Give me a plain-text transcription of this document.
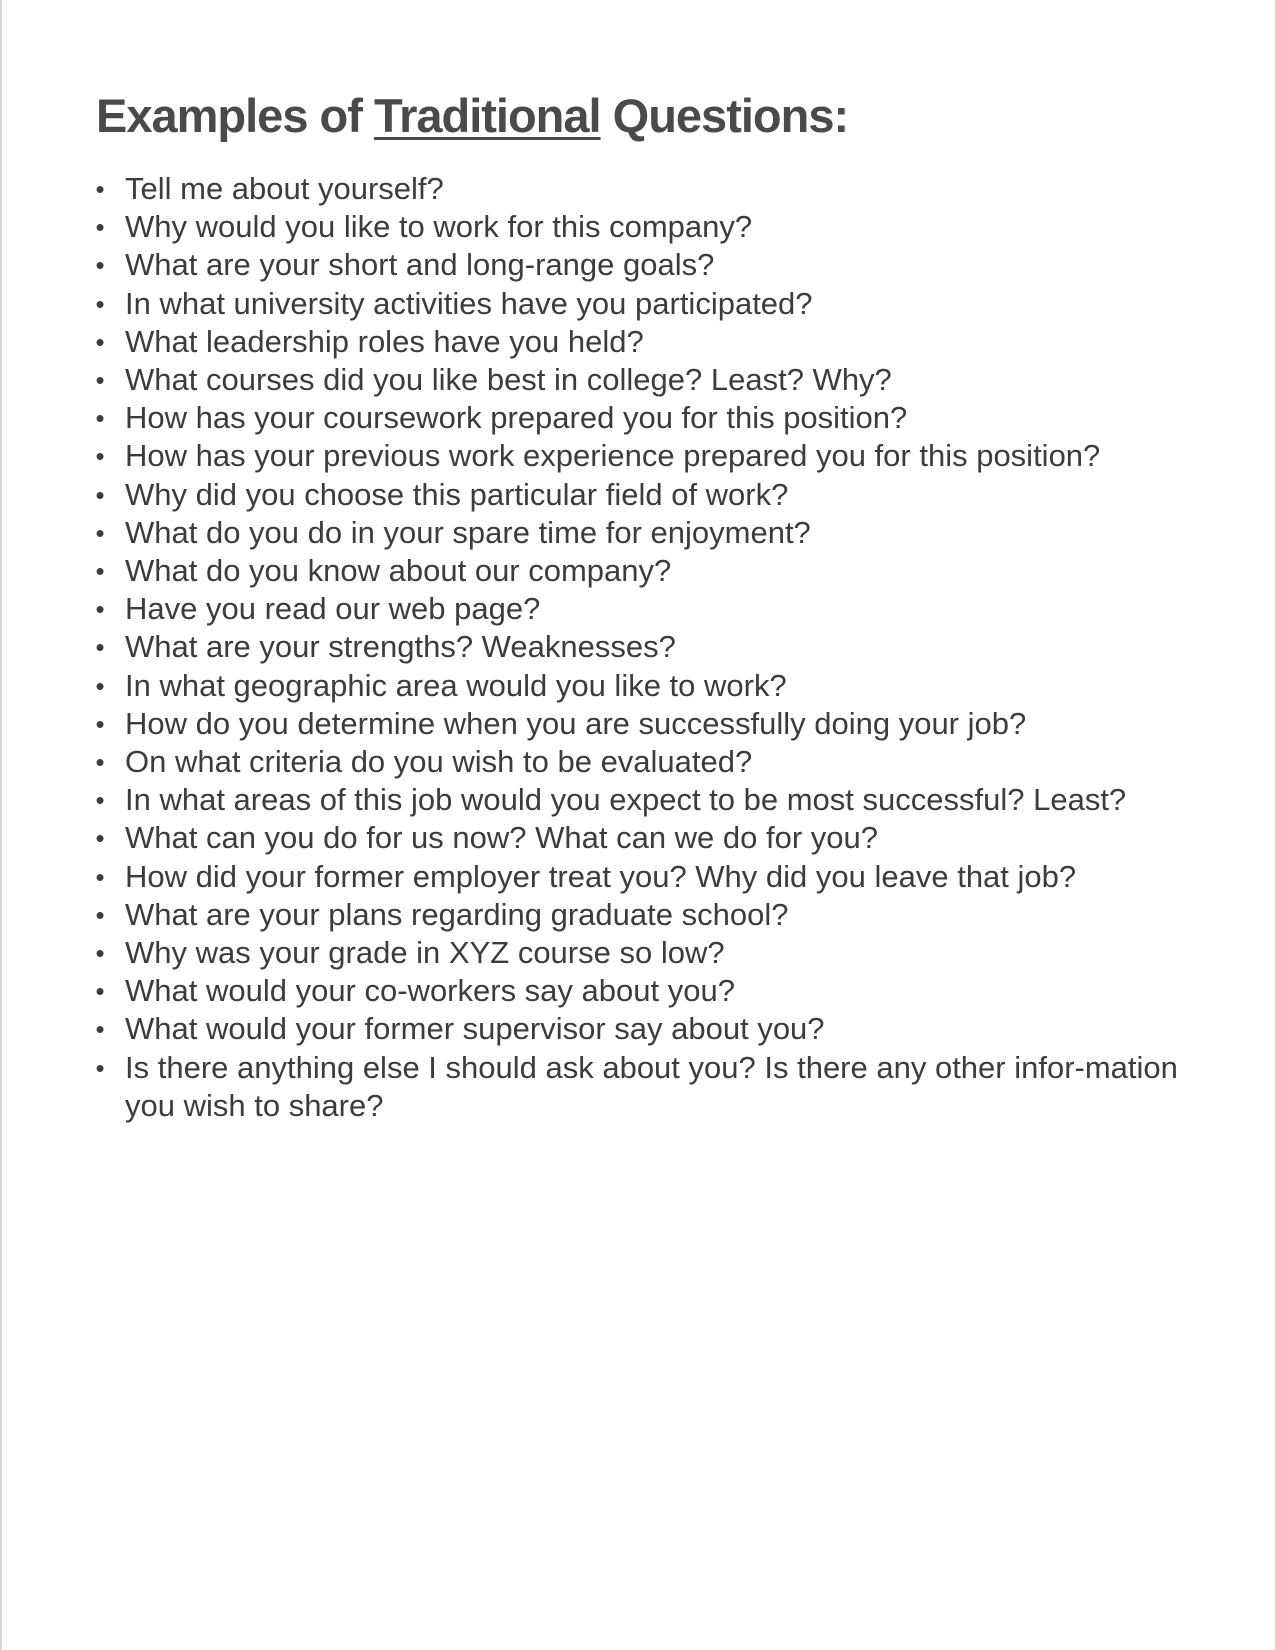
Examples of Traditional Questions:
• Tell me about yourself?
• Why would you like to work for this company?
• What are your short and long-range goals?
• In what university activities have you participated?
• What leadership roles have you held?
• What courses did you like best in college? Least? Why?
• How has your coursework prepared you for this position?
• How has your previous work experience prepared you for this position?
• Why did you choose this particular field of work?
• What do you do in your spare time for enjoyment?
• What do you know about our company?
• Have you read our web page?
• What are your strengths? Weaknesses?
• In what geographic area would you like to work?
• How do you determine when you are successfully doing your job?
• On what criteria do you wish to be evaluated?
• In what areas of this job would you expect to be most successful? Least?
• What can you do for us now? What can we do for you?
• How did your former employer treat you? Why did you leave that job?
• What are your plans regarding graduate school?
• Why was your grade in XYZ course so low?
• What would your co-workers say about you?
• What would your former supervisor say about you?
• Is there anything else I should ask about you? Is there any other infor-mation you wish to share?
